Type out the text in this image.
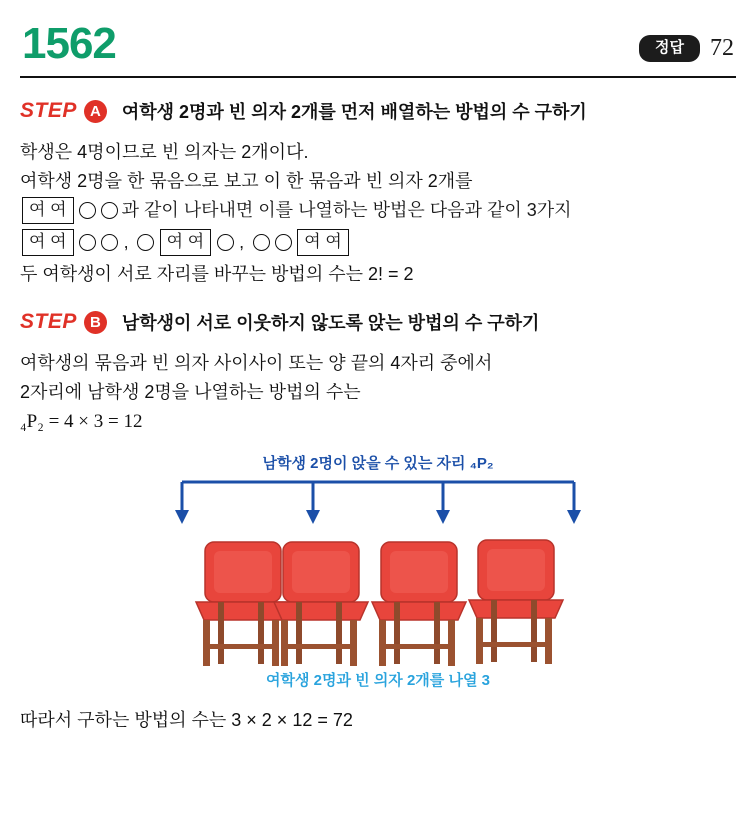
1562	정답	72
STEP A	여학생 2명과 빈 의자 2개를 먼저 배열하는 방법의 수 구하기
학생은 4명이므로 빈 의자는 2개이다.
여학생 2명을 한 묶음으로 보고 이 한 묶음과 빈 의자 2개를
여 여	과 같이 나타내면 이를 나열하는 방법은 다음과 같이 3가지
여 여	,	여 여	,	여 여
두 여학생이 서로 자리를 바꾸는 방법의 수는 2! = 2
STEP B	남학생이 서로 이웃하지 않도록 앉는 방법의 수 구하기
여학생의 묶음과 빈 의자 사이사이 또는 양 끝의 4자리 중에서
2자리에 남학생 2명을 나열하는 방법의 수는
₄P₂ = 4 × 3 = 12
남학생 2명이 앉을 수 있는 자리 ₄P₂
여학생 2명과 빈 의자 2개를 나열 3
따라서 구하는 방법의 수는 3 × 2 × 12 = 72
